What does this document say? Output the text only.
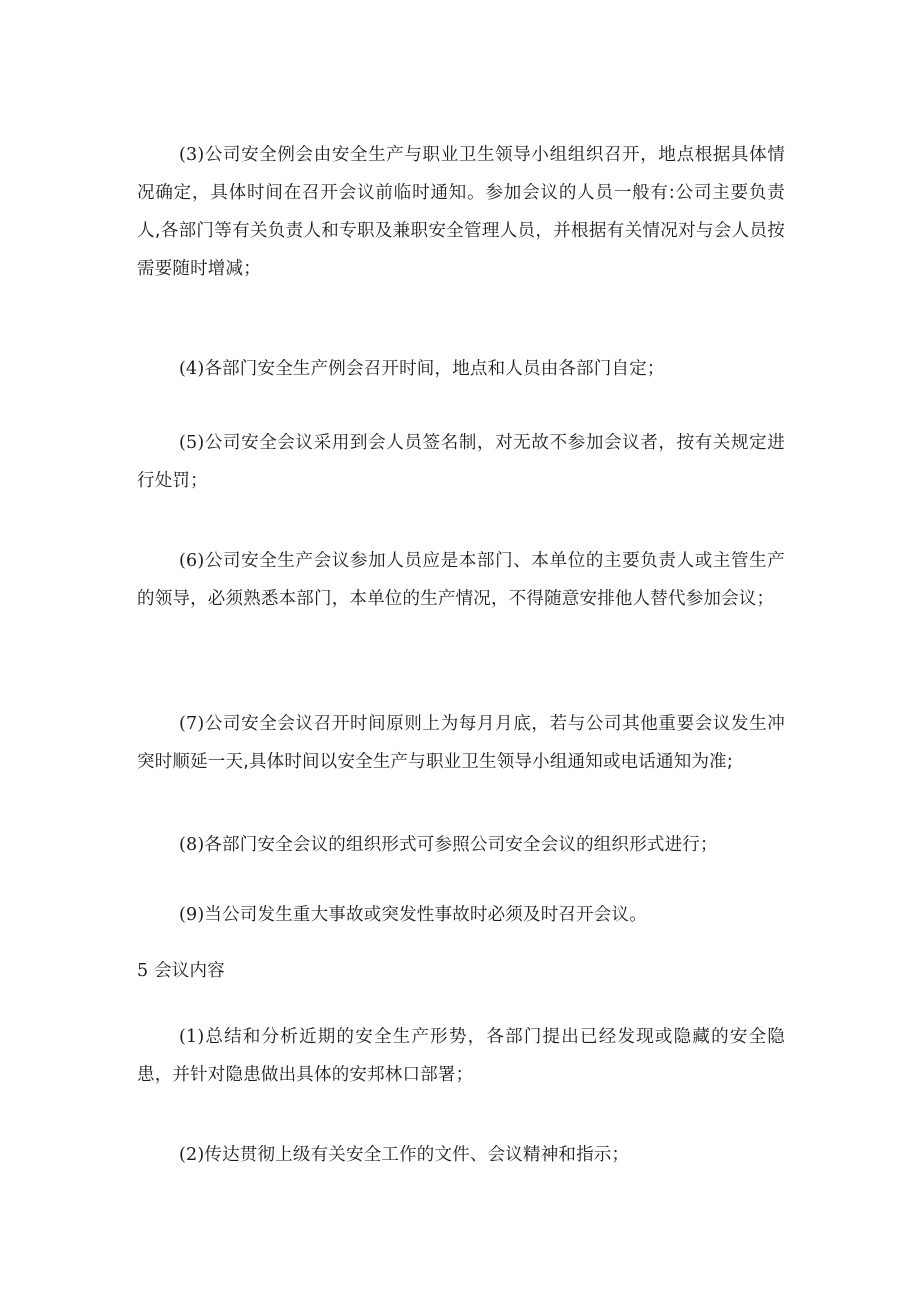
(3)公司安全例会由安全生产与职业卫生领导小组组织召开，地点根据具体情况确定，具体时间在召开会议前临时通知。参加会议的人员一般有:公司主要负责人,各部门等有关负责人和专职及兼职安全管理人员，并根据有关情况对与会人员按需要随时增减；

(4)各部门安全生产例会召开时间，地点和人员由各部门自定；

(5)公司安全会议采用到会人员签名制，对无故不参加会议者，按有关规定进行处罚；

(6)公司安全生产会议参加人员应是本部门、本单位的主要负责人或主管生产的领导，必须熟悉本部门，本单位的生产情况，不得随意安排他人替代参加会议；

(7)公司安全会议召开时间原则上为每月月底，若与公司其他重要会议发生冲突时顺延一天,具体时间以安全生产与职业卫生领导小组通知或电话通知为准;

(8)各部门安全会议的组织形式可参照公司安全会议的组织形式进行；

(9)当公司发生重大事故或突发性事故时必须及时召开会议。

5 会议内容

(1)总结和分析近期的安全生产形势，各部门提出已经发现或隐藏的安全隐患，并针对隐患做出具体的安邦林口部署；

(2)传达贯彻上级有关安全工作的文件、会议精神和指示；
